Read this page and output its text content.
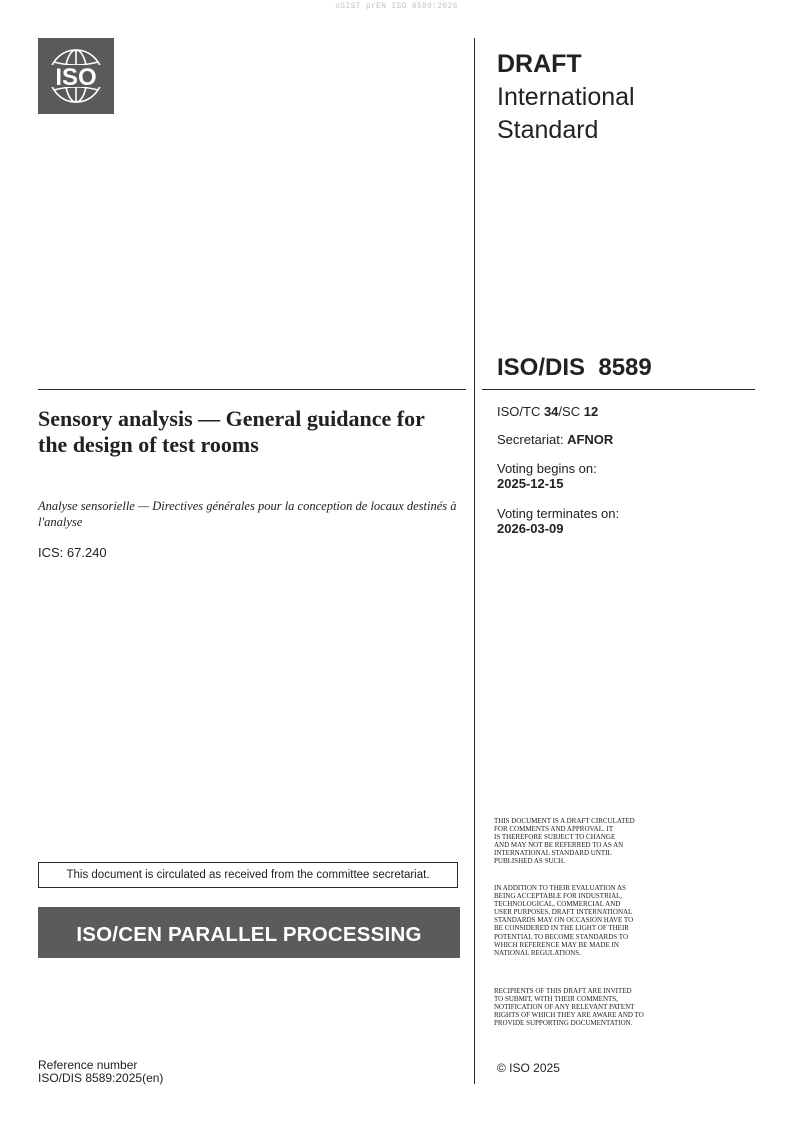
oSIST prEN ISO 8589:2026
ISO	DRAFT
International
Standard
ISO/DIS  8589
Sensory analysis — General guidance for the design of test rooms
Analyse sensorielle — Directives générales pour la conception de locaux destinés à l'analyse
ICS: 67.240
ISO/TC 34/SC 12
Secretariat: AFNOR
Voting begins on:
2025-12-15
Voting terminates on:
2026-03-09
This document is circulated as received from the committee secretariat.
ISO/CEN PARALLEL PROCESSING
Reference number
ISO/DIS 8589:2025(en)
THIS DOCUMENT IS A DRAFT CIRCULATED
FOR COMMENTS AND APPROVAL. IT
IS THEREFORE SUBJECT TO CHANGE
AND MAY NOT BE REFERRED TO AS AN
INTERNATIONAL STANDARD UNTIL
PUBLISHED AS SUCH.
IN ADDITION TO THEIR EVALUATION AS
BEING ACCEPTABLE FOR INDUSTRIAL,
TECHNOLOGICAL, COMMERCIAL AND
USER PURPOSES, DRAFT INTERNATIONAL
STANDARDS MAY ON OCCASION HAVE TO
BE CONSIDERED IN THE LIGHT OF THEIR
POTENTIAL TO BECOME STANDARDS TO
WHICH REFERENCE MAY BE MADE IN
NATIONAL REGULATIONS.
RECIPIENTS OF THIS DRAFT ARE INVITED
TO SUBMIT, WITH THEIR COMMENTS,
NOTIFICATION OF ANY RELEVANT PATENT
RIGHTS OF WHICH THEY ARE AWARE AND TO
PROVIDE SUPPORTING DOCUMENTATION.
© ISO 2025
